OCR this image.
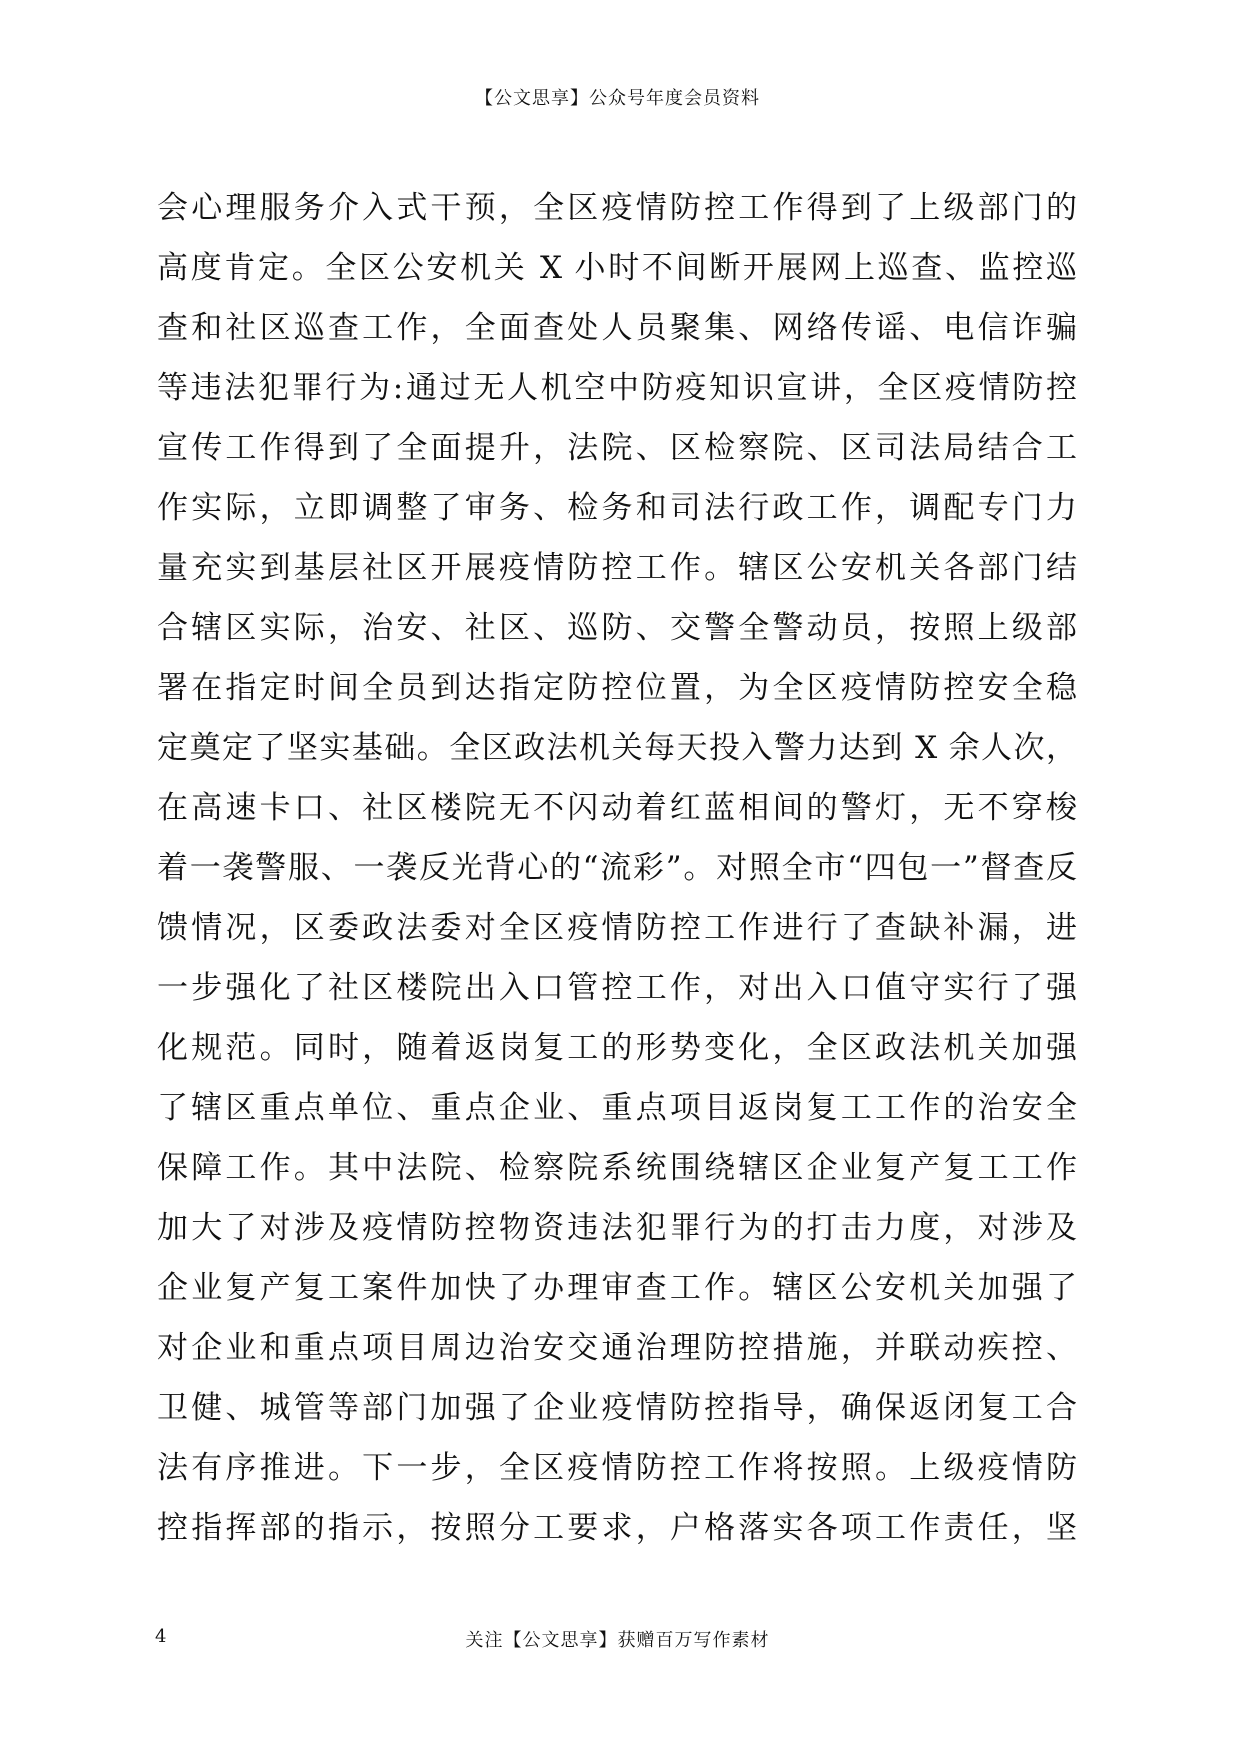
【公文思享】公众号年度会员资料
会心理服务介入式干预，全区疫情防控工作得到了上级部门的
高度肯定。全区公安机关 X 小时不间断开展网上巡查、监控巡
查和社区巡查工作，全面查处人员聚集、网络传谣、电信诈骗
等违法犯罪行为:通过无人机空中防疫知识宣讲，全区疫情防控
宣传工作得到了全面提升，法院、区检察院、区司法局结合工
作实际，立即调整了审务、检务和司法行政工作，调配专门力
量充实到基层社区开展疫情防控工作。辖区公安机关各部门结
合辖区实际，治安、社区、巡防、交警全警动员，按照上级部
署在指定时间全员到达指定防控位置，为全区疫情防控安全稳
定奠定了坚实基础。全区政法机关每天投入警力达到 X 余人次，
在高速卡口、社区楼院无不闪动着红蓝相间的警灯，无不穿梭
着一袭警服、一袭反光背心的“流彩”。对照全市“四包一”督查反
馈情况，区委政法委对全区疫情防控工作进行了查缺补漏，进
一步强化了社区楼院出入口管控工作，对出入口值守实行了强
化规范。同时，随着返岗复工的形势变化，全区政法机关加强
了辖区重点单位、重点企业、重点项目返岗复工工作的治安全
保障工作。其中法院、检察院系统围绕辖区企业复产复工工作
加大了对涉及疫情防控物资违法犯罪行为的打击力度，对涉及
企业复产复工案件加快了办理审查工作。辖区公安机关加强了
对企业和重点项目周边治安交通治理防控措施，并联动疾控、
卫健、城管等部门加强了企业疫情防控指导，确保返闭复工合
法有序推进。下一步，全区疫情防控工作将按照。上级疫情防
控指挥部的指示，按照分工要求，户格落实各项工作责任，坚
4	关注【公文思享】获赠百万写作素材
